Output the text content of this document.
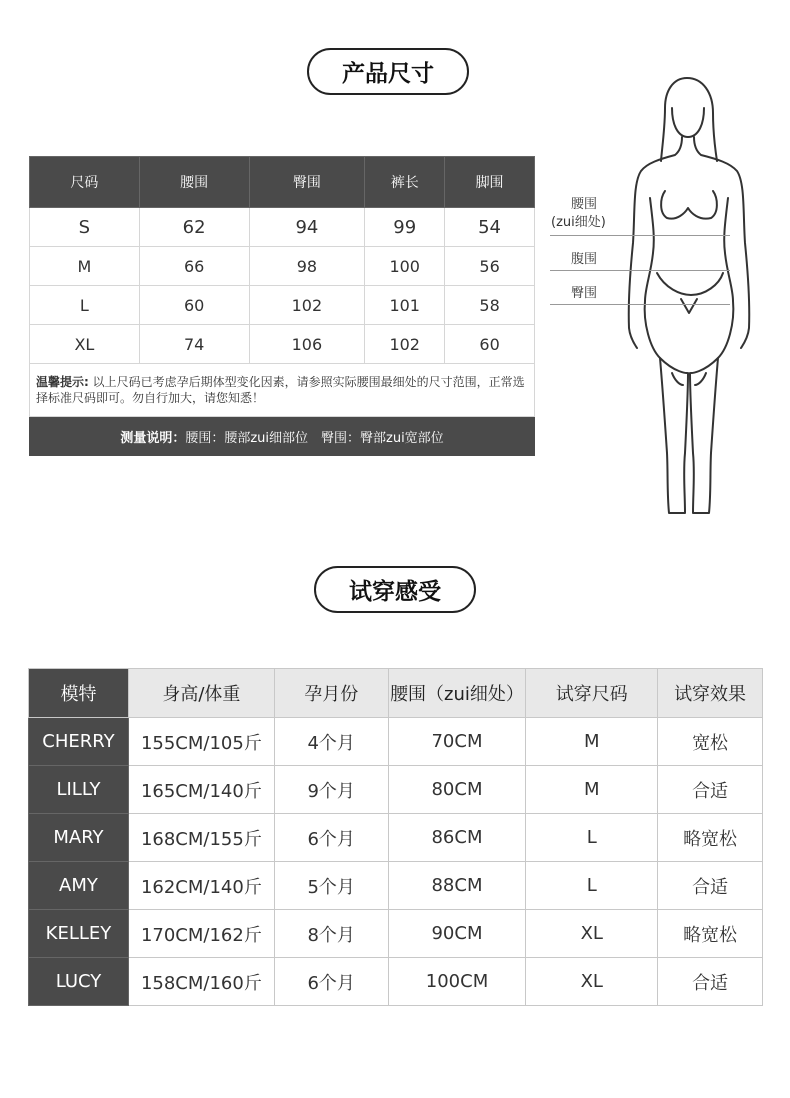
产品尺寸
尺码	腰围	臀围	裤长	脚围
S	62	94	99	54
M	66	98	100	56
L	60	102	101	58
XL	74	106	102	60
温馨提示: 以上尺码已考虑孕后期体型变化因素，请参照实际腰围最细处的尺寸范围，正常选择标准尺码即可。勿自行加大，请您知悉！				
测量说明：腰围：腰部zui细部位　臀围：臀部zui宽部位				
腰围
(zui细处)
腹围
臀围
试穿感受
模特	身高/体重	孕月份	腰围（zui细处）	试穿尺码	试穿效果
CHERRY	155CM/105斤	4个月	70CM	M	宽松
LILLY	165CM/140斤	9个月	80CM	M	合适
MARY	168CM/155斤	6个月	86CM	L	略宽松
AMY	162CM/140斤	5个月	88CM	L	合适
KELLEY	170CM/162斤	8个月	90CM	XL	略宽松
LUCY	158CM/160斤	6个月	100CM	XL	合适
